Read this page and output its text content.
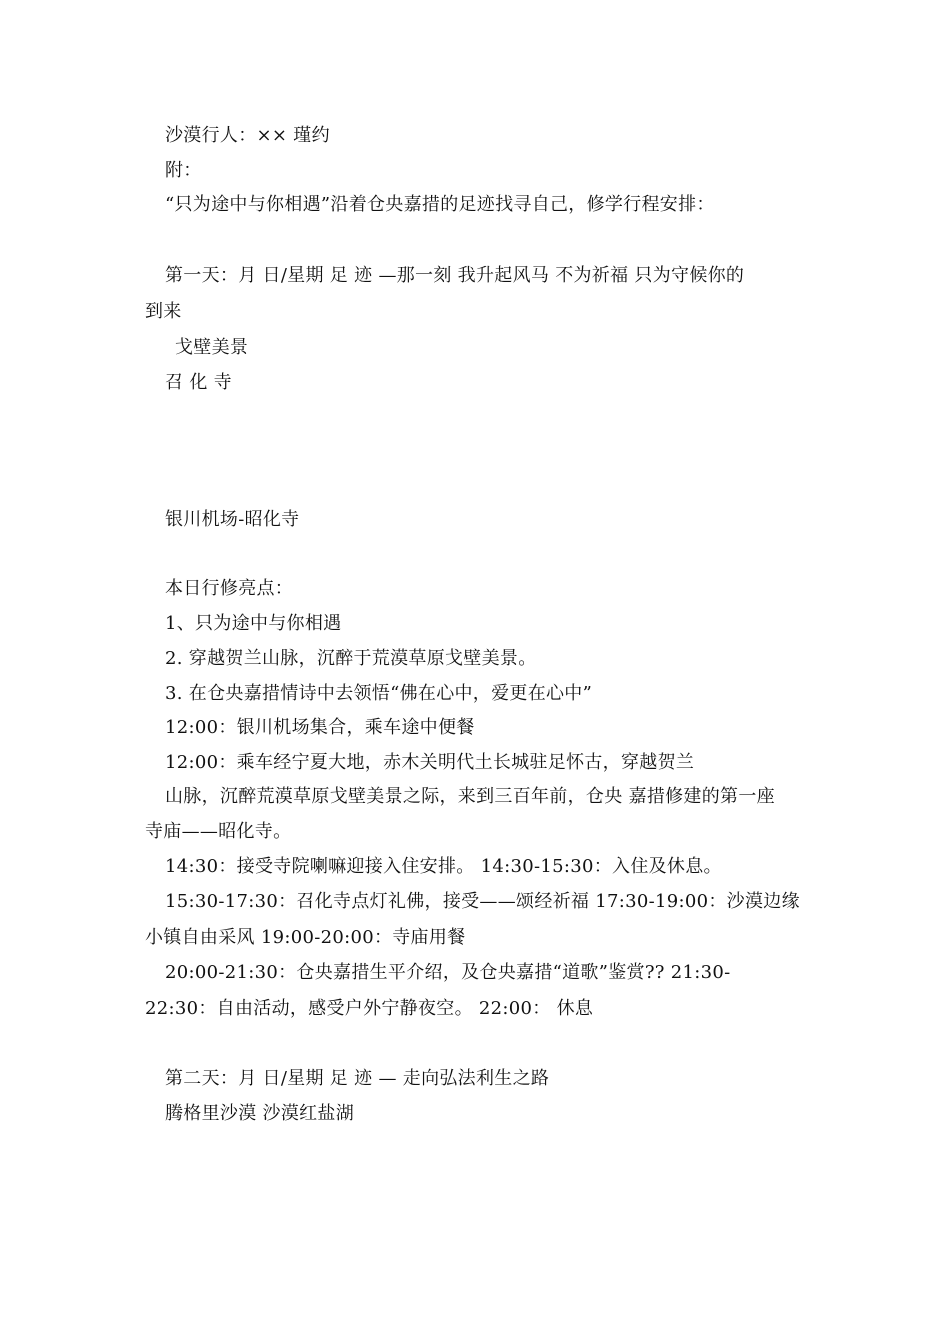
沙漠行人：×× 瑾约
附：
“只为途中与你相遇”沿着仓央嘉措的足迹找寻自己，修学行程安排：
第一天：月 日/星期 足 迹 —那一刻 我升起风马 不为祈福 只为守候你的
到来
戈壁美景
召 化 寺
银川机场-昭化寺
本日行修亮点：
1、只为途中与你相遇
2. 穿越贺兰山脉，沉醉于荒漠草原戈壁美景。
3. 在仓央嘉措情诗中去领悟“佛在心中，爱更在心中”
12:00：银川机场集合，乘车途中便餐
12:00：乘车经宁夏大地，赤木关明代土长城驻足怀古，穿越贺兰
山脉，沉醉荒漠草原戈壁美景之际，来到三百年前，仓央 嘉措修建的第一座
寺庙——昭化寺。
14:30：接受寺院喇嘛迎接入住安排。 14:30-15:30：入住及休息。
15:30-17:30：召化寺点灯礼佛，接受——颂经祈福 17:30-19:00：沙漠边缘
小镇自由采风 19:00-20:00：寺庙用餐
20:00-21:30：仓央嘉措生平介绍，及仓央嘉措“道歌”鉴赏?? 21:30-
22:30：自由活动，感受户外宁静夜空。 22:00： 休息
第二天：月 日/星期 足 迹 — 走向弘法利生之路
腾格里沙漠 沙漠红盐湖
